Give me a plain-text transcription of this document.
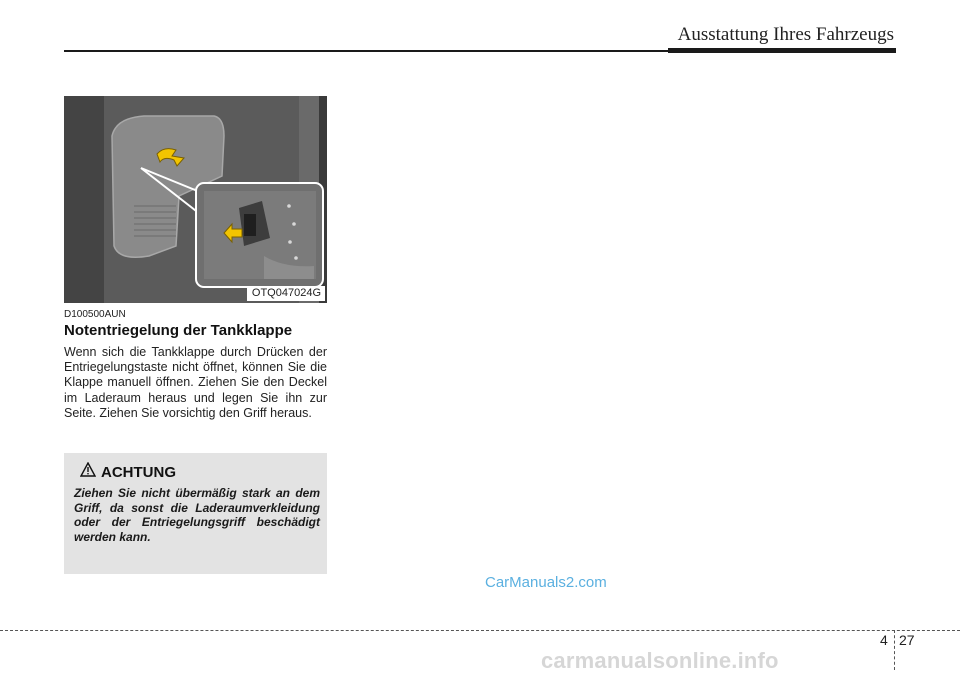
Ausstattung Ihres Fahrzeugs
OTQ047024G
D100500AUN
Notentriegelung der Tankklappe
Wenn sich die Tankklappe durch Drücken der Entriegelungstaste nicht öffnet, können Sie die Klappe manuell öffnen. Ziehen Sie den Deckel im Laderaum heraus und legen Sie ihn zur Seite. Ziehen Sie vorsichtig den Griff heraus.
ACHTUNG
Ziehen Sie nicht übermäßig stark an dem Griff, da sonst die Laderaumverkleidung oder der Entriegelungsgriff beschädigt werden kann.
CarManuals2.com
4 27
carmanualsonline.info
